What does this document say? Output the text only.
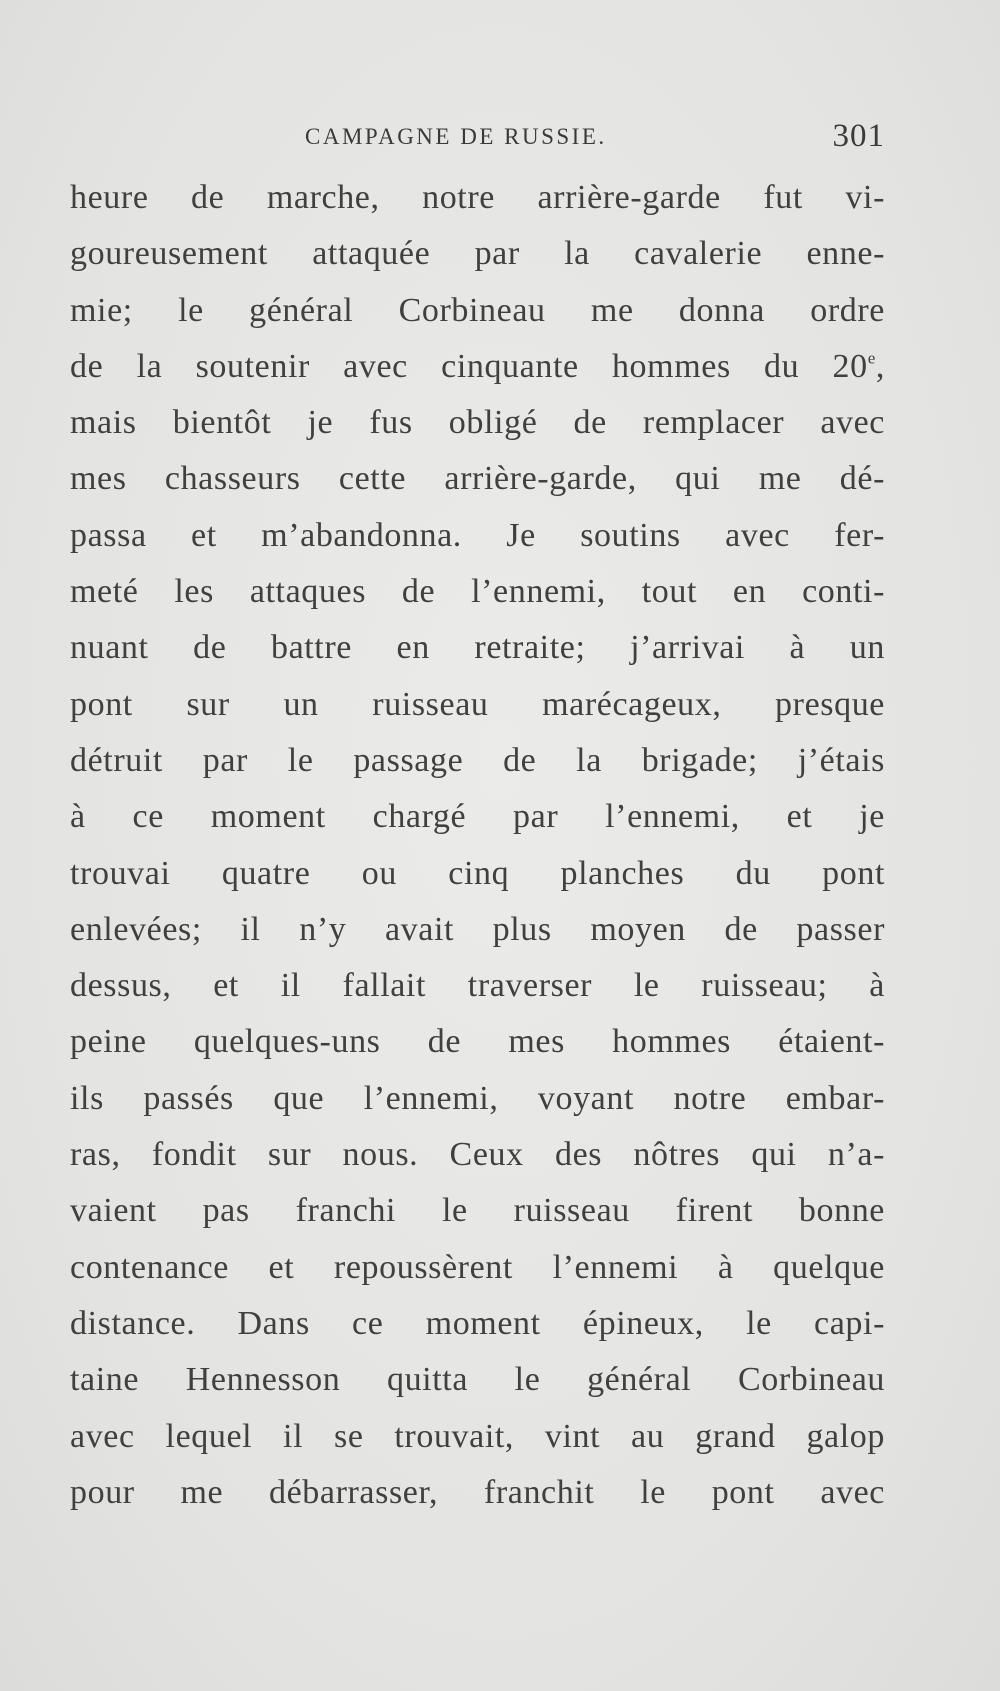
CAMPAGNE DE RUSSIE.	301
heure de marche, notre arrière-garde fut vi-
goureusement attaquée par la cavalerie enne-
mie; le général Corbineau me donna ordre
de la soutenir avec cinquante hommes du 20e,
mais bientôt je fus obligé de remplacer avec
mes chasseurs cette arrière-garde, qui me dé-
passa et m’abandonna. Je soutins avec fer-
meté les attaques de l’ennemi, tout en conti-
nuant de battre en retraite; j’arrivai à un
pont sur un ruisseau marécageux, presque
détruit par le passage de la brigade; j’étais
à ce moment chargé par l’ennemi, et je
trouvai quatre ou cinq planches du pont
enlevées; il n’y avait plus moyen de passer
dessus, et il fallait traverser le ruisseau; à
peine quelques-uns de mes hommes étaient-
ils passés que l’ennemi, voyant notre embar-
ras, fondit sur nous. Ceux des nôtres qui n’a-
vaient pas franchi le ruisseau firent bonne
contenance et repoussèrent l’ennemi à quelque
distance. Dans ce moment épineux, le capi-
taine Hennesson quitta le général Corbineau
avec lequel il se trouvait, vint au grand galop
pour me débarrasser, franchit le pont avec
